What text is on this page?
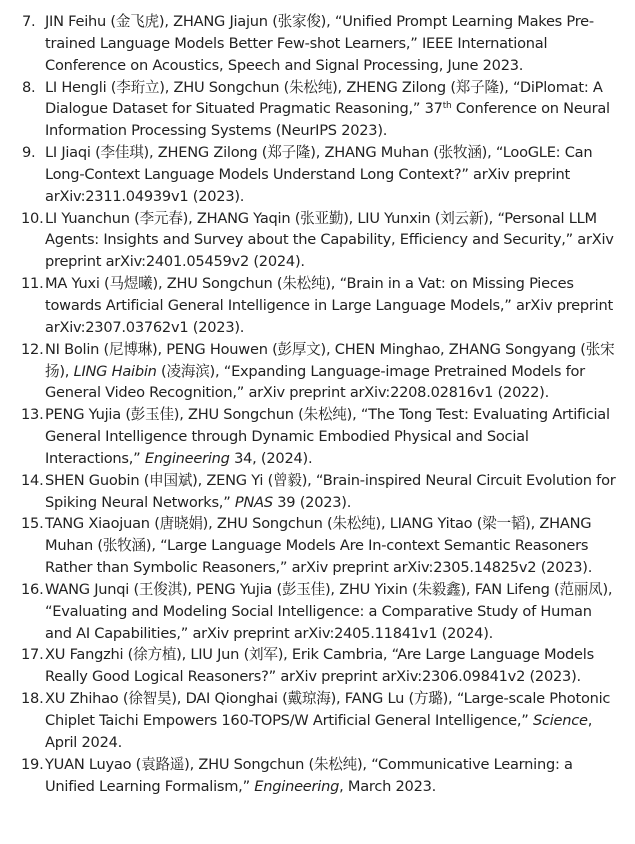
7. JIN Feihu (金飞虎), ZHANG Jiajun (张家俊), “Unified Prompt Learning Makes Pre-trained Language Models Better Few-shot Learners,” IEEE International Conference on Acoustics, Speech and Signal Processing, June 2023.
8. LI Hengli (李珩立), ZHU Songchun (朱松纯), ZHENG Zilong (郑子隆), “DiPlomat: A Dialogue Dataset for Situated Pragmatic Reasoning,” 37th Conference on Neural Information Processing Systems (NeurIPS 2023).
9. LI Jiaqi (李佳琪), ZHENG Zilong (郑子隆), ZHANG Muhan (张牧涵), “LooGLE: Can Long-Context Language Models Understand Long Context?” arXiv preprint arXiv:2311.04939v1 (2023).
10. LI Yuanchun (李元春), ZHANG Yaqin (张亚勤), LIU Yunxin (刘云新), “Personal LLM Agents: Insights and Survey about the Capability, Efficiency and Security,” arXiv preprint arXiv:2401.05459v2 (2024).
11. MA Yuxi (马煜曦), ZHU Songchun (朱松纯), “Brain in a Vat: on Missing Pieces towards Artificial General Intelligence in Large Language Models,” arXiv preprint arXiv:2307.03762v1 (2023).
12. NI Bolin (尼博琳), PENG Houwen (彭厚文), CHEN Minghao, ZHANG Songyang (张宋扬), LING Haibin (凌海滨), “Expanding Language-image Pretrained Models for General Video Recognition,” arXiv preprint arXiv:2208.02816v1 (2022).
13. PENG Yujia (彭玉佳), ZHU Songchun (朱松纯), “The Tong Test: Evaluating Artificial General Intelligence through Dynamic Embodied Physical and Social Interactions,” Engineering 34, (2024).
14. SHEN Guobin (申国斌), ZENG Yi (曾毅), “Brain-inspired Neural Circuit Evolution for Spiking Neural Networks,” PNAS 39 (2023).
15. TANG Xiaojuan (唐晓娟), ZHU Songchun (朱松纯), LIANG Yitao (梁一韬), ZHANG Muhan (张牧涵), “Large Language Models Are In-context Semantic Reasoners Rather than Symbolic Reasoners,” arXiv preprint arXiv:2305.14825v2 (2023).
16. WANG Junqi (王俊淇), PENG Yujia (彭玉佳), ZHU Yixin (朱毅鑫), FAN Lifeng (范丽凤), “Evaluating and Modeling Social Intelligence: a Comparative Study of Human and AI Capabilities,” arXiv preprint arXiv:2405.11841v1 (2024).
17. XU Fangzhi (徐方植), LIU Jun (刘军), Erik Cambria, “Are Large Language Models Really Good Logical Reasoners?” arXiv preprint arXiv:2306.09841v2 (2023).
18. XU Zhihao (徐智昊), DAI Qionghai (戴琼海), FANG Lu (方璐), “Large-scale Photonic Chiplet Taichi Empowers 160-TOPS/W Artificial General Intelligence,” Science, April 2024.
19. YUAN Luyao (袁路遥), ZHU Songchun (朱松纯), “Communicative Learning: a Unified Learning Formalism,” Engineering, March 2023.
